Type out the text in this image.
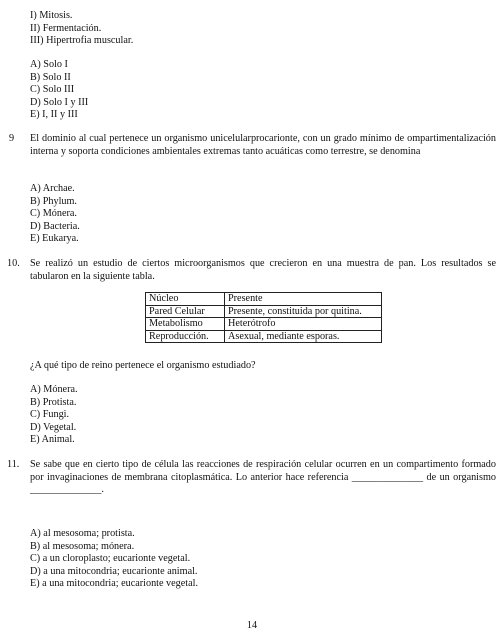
I) Mitosis.
II) Fermentación.
III) Hipertrofia muscular.
A) Solo I
B) Solo II
C) Solo III
D) Solo I y III
E) I, II y III
9 El dominio al cual pertenece un organismo unicelularprocarionte, con un grado mínimo de ompartimentalización interna y soporta condiciones ambientales extremas tanto acuáticas como terrestre, se denomina
A) Archae.
B) Phylum.
C) Mónera.
D) Bacteria.
E) Eukarya.
10. Se realizó un estudio de ciertos microorganismos que crecieron en una muestra de pan. Los resultados se tabularon en la siguiente tabla.
Núcleo	Presente
Pared Celular	Presente, constituida por quitina.
Metabolismo	Heterótrofo
Reproducción.	Asexual, mediante esporas.
¿A qué tipo de reino pertenece el organismo estudiado?
A) Mónera.
B) Protista.
C) Fungi.
D) Vegetal.
E) Animal.
11. Se sabe que en cierto tipo de célula las reacciones de respiración celular ocurren en un compartimento formado por invaginaciones de membrana citoplasmática. Lo anterior hace referencia ______________ de un organismo ______________.
A) al mesosoma; protista.
B) al mesosoma; mónera.
C) a un cloroplasto; eucarionte vegetal.
D) a una mitocondria; eucarionte animal.
E) a una mitocondria; eucarionte vegetal.
14
